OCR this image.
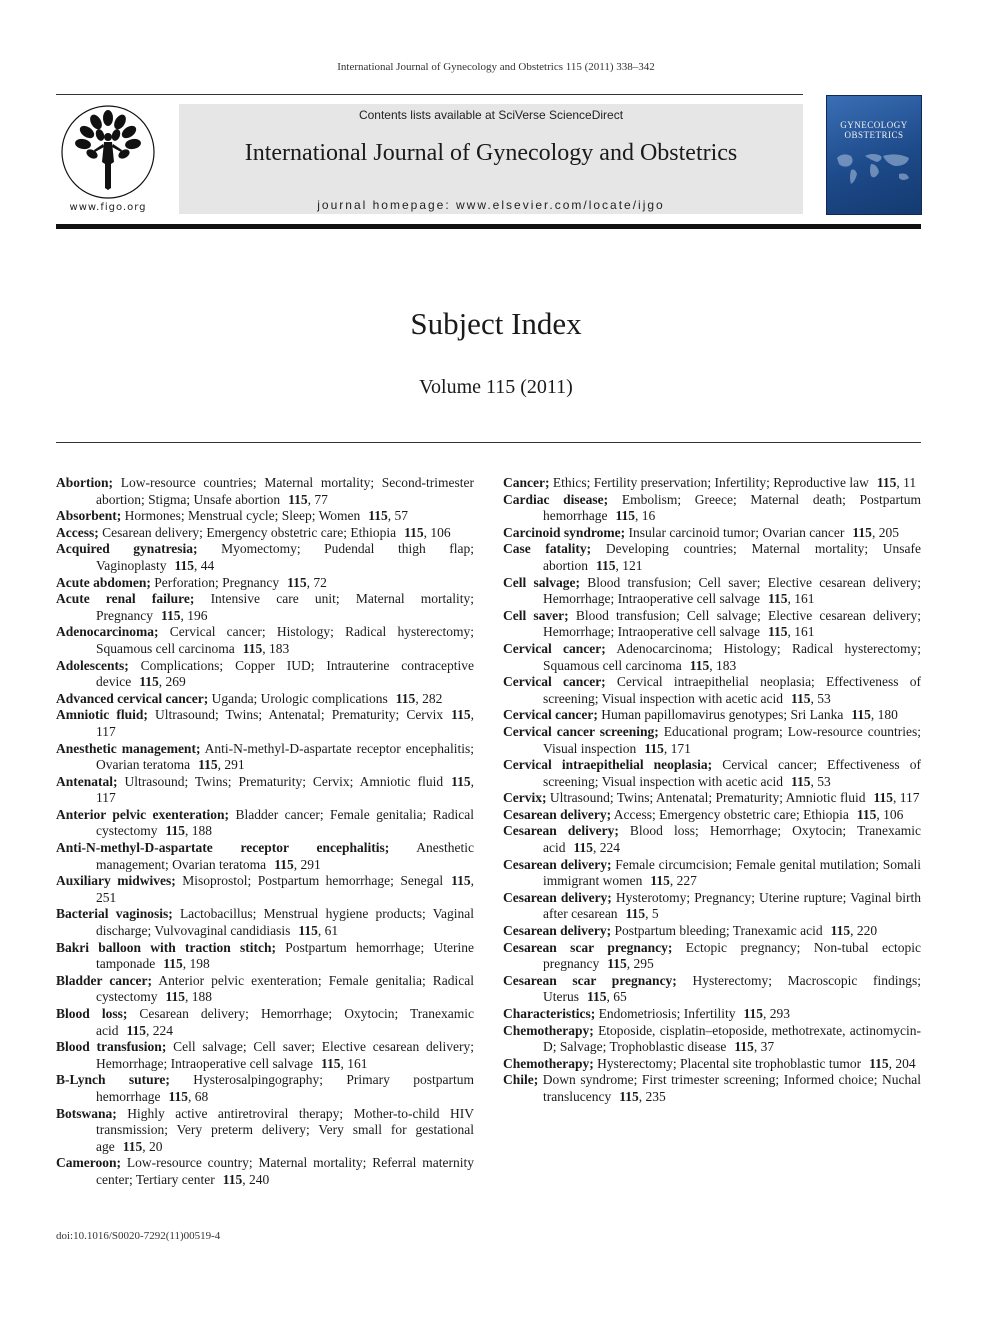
International Journal of Gynecology and Obstetrics 115 (2011) 338–342
www.figo.org
Contents lists available at SciVerse ScienceDirect
International Journal of Gynecology and Obstetrics
journal homepage: www.elsevier.com/locate/ijgo
GYNECOLOGY OBSTETRICS
Subject Index
Volume 115 (2011)

Abortion; Low-resource countries; Maternal mortality; Second-trimester abortion; Stigma; Unsafe abortion 115, 77

Absorbent; Hormones; Menstrual cycle; Sleep; Women 115, 57

Access; Cesarean delivery; Emergency obstetric care; Ethiopia 115, 106

Acquired gynatresia; Myomectomy; Pudendal thigh flap; Vaginoplasty 115, 44

Acute abdomen; Perforation; Pregnancy 115, 72

Acute renal failure; Intensive care unit; Maternal mortality; Pregnancy 115, 196

Adenocarcinoma; Cervical cancer; Histology; Radical hysterectomy; Squamous cell carcinoma 115, 183

Adolescents; Complications; Copper IUD; Intrauterine contraceptive device 115, 269

Advanced cervical cancer; Uganda; Urologic complications 115, 282

Amniotic fluid; Ultrasound; Twins; Antenatal; Prematurity; Cervix 115, 117

Anesthetic management; Anti-N-methyl-D-aspartate receptor encephalitis; Ovarian teratoma 115, 291

Antenatal; Ultrasound; Twins; Prematurity; Cervix; Amniotic fluid 115, 117

Anterior pelvic exenteration; Bladder cancer; Female genitalia; Radical cystectomy 115, 188

Anti-N-methyl-D-aspartate receptor encephalitis; Anesthetic management; Ovarian teratoma 115, 291

Auxiliary midwives; Misoprostol; Postpartum hemorrhage; Senegal 115, 251

Bacterial vaginosis; Lactobacillus; Menstrual hygiene products; Vaginal discharge; Vulvovaginal candidiasis 115, 61

Bakri balloon with traction stitch; Postpartum hemorrhage; Uterine tamponade 115, 198

Bladder cancer; Anterior pelvic exenteration; Female genitalia; Radical cystectomy 115, 188

Blood loss; Cesarean delivery; Hemorrhage; Oxytocin; Tranexamic acid 115, 224

Blood transfusion; Cell salvage; Cell saver; Elective cesarean delivery; Hemorrhage; Intraoperative cell salvage 115, 161

B-Lynch suture; Hysterosalpingography; Primary postpartum hemorrhage 115, 68

Botswana; Highly active antiretroviral therapy; Mother-to-child HIV transmission; Very preterm delivery; Very small for gestational age 115, 20

Cameroon; Low-resource country; Maternal mortality; Referral maternity center; Tertiary center 115, 240

Cancer; Ethics; Fertility preservation; Infertility; Reproductive law 115, 11

Cardiac disease; Embolism; Greece; Maternal death; Postpartum hemorrhage 115, 16

Carcinoid syndrome; Insular carcinoid tumor; Ovarian cancer 115, 205

Case fatality; Developing countries; Maternal mortality; Unsafe abortion 115, 121

Cell salvage; Blood transfusion; Cell saver; Elective cesarean delivery; Hemorrhage; Intraoperative cell salvage 115, 161

Cell saver; Blood transfusion; Cell salvage; Elective cesarean delivery; Hemorrhage; Intraoperative cell salvage 115, 161

Cervical cancer; Adenocarcinoma; Histology; Radical hysterectomy; Squamous cell carcinoma 115, 183

Cervical cancer; Cervical intraepithelial neoplasia; Effectiveness of screening; Visual inspection with acetic acid 115, 53

Cervical cancer; Human papillomavirus genotypes; Sri Lanka 115, 180

Cervical cancer screening; Educational program; Low-resource countries; Visual inspection 115, 171

Cervical intraepithelial neoplasia; Cervical cancer; Effectiveness of screening; Visual inspection with acetic acid 115, 53

Cervix; Ultrasound; Twins; Antenatal; Prematurity; Amniotic fluid 115, 117

Cesarean delivery; Access; Emergency obstetric care; Ethiopia 115, 106

Cesarean delivery; Blood loss; Hemorrhage; Oxytocin; Tranexamic acid 115, 224

Cesarean delivery; Female circumcision; Female genital mutilation; Somali immigrant women 115, 227

Cesarean delivery; Hysterotomy; Pregnancy; Uterine rupture; Vaginal birth after cesarean 115, 5

Cesarean delivery; Postpartum bleeding; Tranexamic acid 115, 220

Cesarean scar pregnancy; Ectopic pregnancy; Non-tubal ectopic pregnancy 115, 295

Cesarean scar pregnancy; Hysterectomy; Macroscopic findings; Uterus 115, 65

Characteristics; Endometriosis; Infertility 115, 293

Chemotherapy; Etoposide, cisplatin–etoposide, methotrexate, actinomycin-D; Salvage; Trophoblastic disease 115, 37

Chemotherapy; Hysterectomy; Placental site trophoblastic tumor 115, 204

Chile; Down syndrome; First trimester screening; Informed choice; Nuchal translucency 115, 235

doi:10.1016/S0020-7292(11)00519-4
